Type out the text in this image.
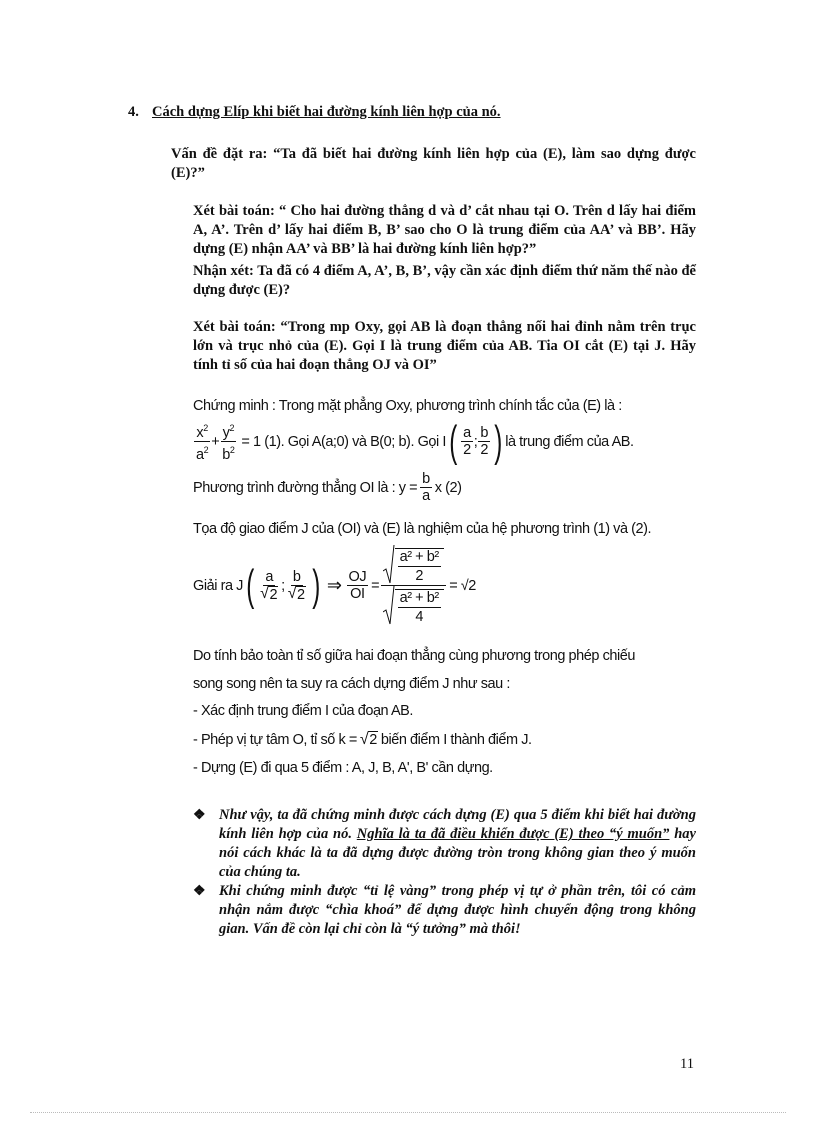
4. Cách dựng Elíp khi biết hai đường kính liên hợp của nó.
Vấn đề đặt ra: “Ta đã biết hai đường kính liên hợp của (E), làm sao dựng được (E)?”
Xét bài toán: “ Cho hai đường thẳng d và d’ cắt nhau tại O. Trên d lấy hai điểm A, A’. Trên d’ lấy hai điểm B, B’ sao cho O là trung điểm của AA’ và BB’. Hãy dựng (E) nhận AA’ và BB’ là hai đường kính liên hợp?”
Nhận xét: Ta đã có 4 điểm A, A’, B, B’, vậy cần xác định điểm thứ năm thế nào để dựng được (E)?
Xét bài toán: “Trong mp Oxy, gọi AB là đoạn thẳng nối hai đỉnh nằm trên trục lớn và trục nhỏ của (E). Gọi I là trung điểm của AB. Tia OI cắt (E) tại J. Hãy tính tỉ số của hai đoạn thẳng OJ và OI”
Chứng minh : Trong mặt phẳng Oxy, phương trình chính tắc của (E) là :
$\frac{x^2}{a^2} + \frac{y^2}{b^2} = 1$ (1). Gọi A(a;0) và B(0; b). Gọi I ( $\frac{a}{2}$ ; $\frac{b}{2}$ ) là trung điểm của AB.
Phương trình đường thẳng OI là : $y = \frac{b}{a}$ x (2)
Tọa độ giao điểm J của (OI) và (E) là nghiệm của hệ phương trình (1) và (2).
Giải ra J ( $\frac{a}{√ 2}$ ; $\frac{b}{√ 2}$ ) ⇒ $\frac{OJ}{OI} = a^2 + b^2$
2
a² + b²
4 = √2
Do tính bảo toàn tỉ số giữa hai đoạn thẳng cùng phương trong phép chiếu
song song nên ta suy ra cách dựng điểm J như sau :
- Xác định trung điểm I của đoạn AB.
- Phép vị tự tâm O, tỉ số k = √ 2 biến điểm I thành điểm J.
- Dựng (E) đi qua 5 điểm : A, J, B, A', B' cần dựng.
❖ Như vậy, ta đã chứng minh được cách dựng (E) qua 5 điểm khi biết hai đường kính liên hợp của nó. Nghĩa là ta đã điều khiển được (E) theo “ý muốn” hay nói cách khác là ta đã dựng được đường tròn trong không gian theo ý muốn của chúng ta.
❖ Khi chứng minh được “tỉ lệ vàng” trong phép vị tự ở phần trên, tôi có cảm nhận nắm được “chìa khoá” để dựng được hình chuyển động trong không gian. Vấn đề còn lại chỉ còn là “ý tưởng” mà thôi!
11
